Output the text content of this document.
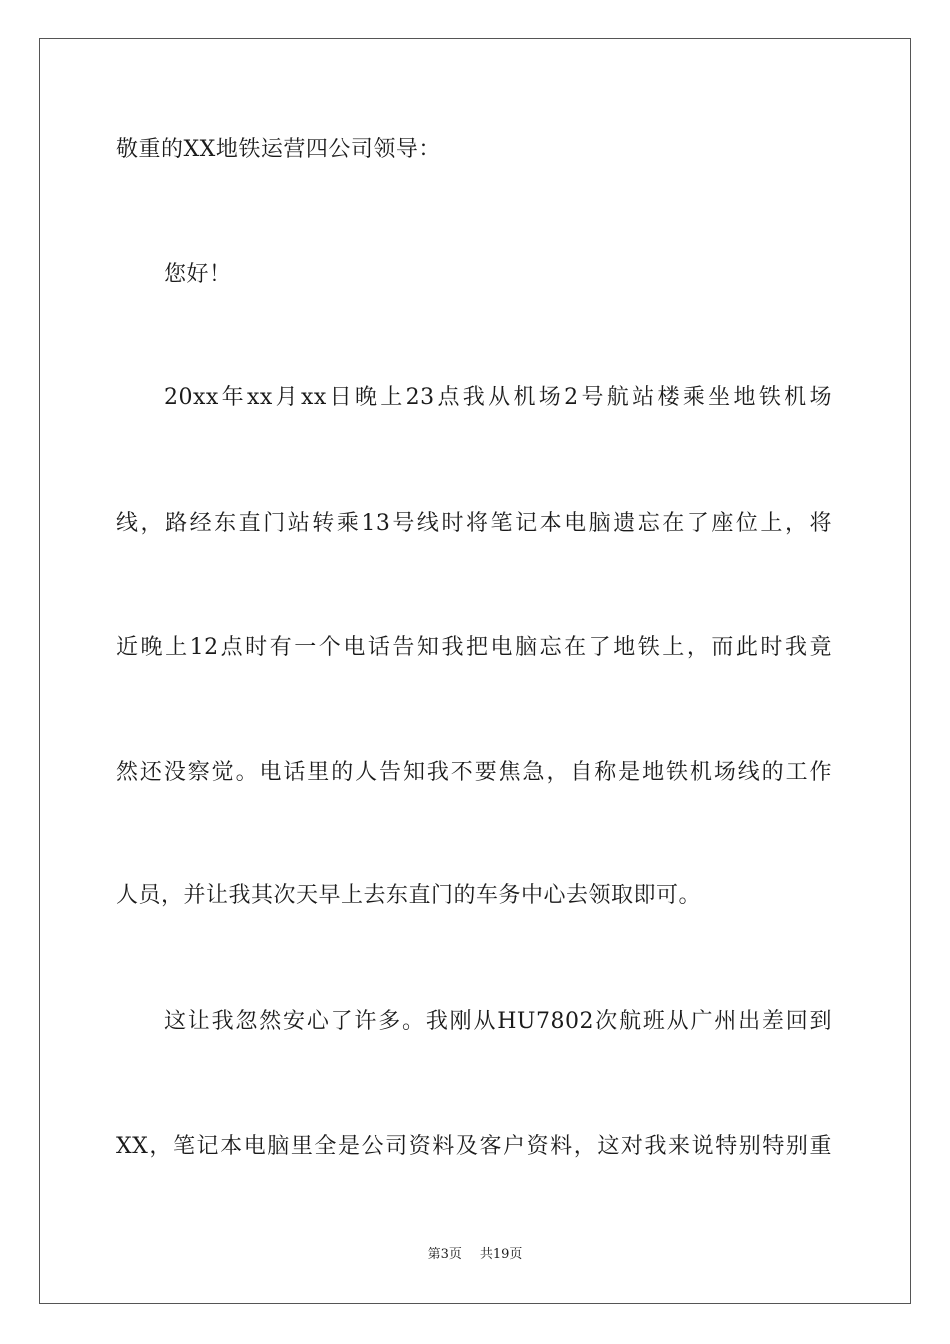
敬重的XX地铁运营四公司领导：
您好！
20xx年xx月xx日晚上23点我从机场2号航站楼乘坐地铁机场
线，路经东直门站转乘13号线时将笔记本电脑遗忘在了座位上，将
近晚上12点时有一个电话告知我把电脑忘在了地铁上，而此时我竟
然还没察觉。电话里的人告知我不要焦急，自称是地铁机场线的工作
人员，并让我其次天早上去东直门的车务中心去领取即可。
这让我忽然安心了许多。我刚从HU7802次航班从广州出差回到
XX，笔记本电脑里全是公司资料及客户资料，这对我来说特别特别重
第3页 共19页
